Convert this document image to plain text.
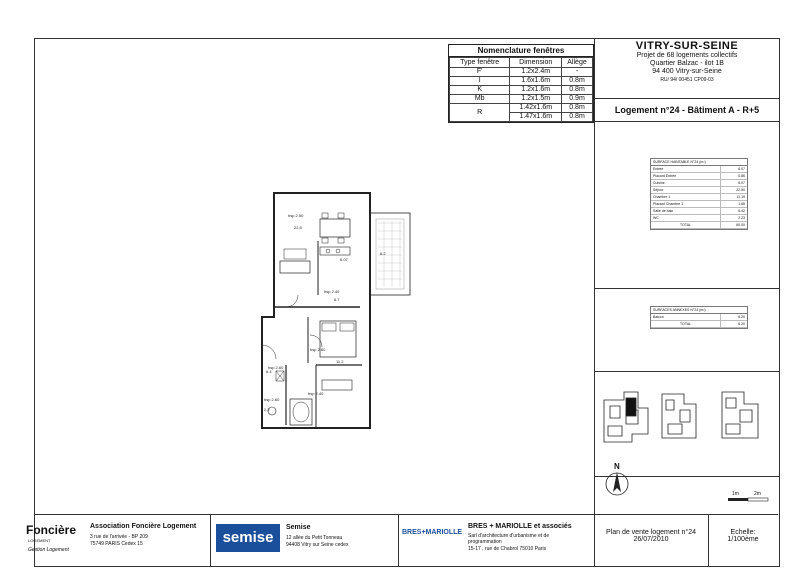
Nomenclature fenêtres
Type fenêtre	Dimension	Allège
F'	1.2x2.4m	-
I	1.6x1.6m	0.8m
K	1.2x1.6m	0.8m
Mb	1.2x1.5m	0.9m
R	1.42x1.6m	0.8m
	1.47x1.6m	0.8m
VITRY-SUR-SEINE
Projet de 68 logements collectifs
Quartier Balzac - ilot 1B
94 400 Vitry-sur-Seine
RU/ 94/ 00451 CP09-03
Logement n°24 - Bâtiment A - R+5
SURFACE HABITABLE N°24 (m²)
Entrée	6.07
Placard Entrée	0.86
Cuisine	6.07
Séjour	22.50
Chambre 1	11.19
Placard Chambre 1	1.65
Salle de bain	6.42
WC	2.23
TOTAL	60.00
SURFACES ANNEXES N°24 (m²)
Balcon	6.20
TOTAL	6.20
N
1m	2m
hsp 2.50
22.5
6.07
6.2
hsp 2.40
6.7
hsp 2.60
11.2
hsp 2.40
6.4
hsp 2.60
2.2
hsp 2.60
Foncière
LOGEMENT
Gestion Logement
Association Foncière Logement
3 rue de l'arrivée - BP 209
75749 PARIS Cedex 15	semise
Semise
12 allée du Petit Tonneau
94408 Vitry sur Seine cedex
BRES+MARIOLLE
BRES + MARIOLLE et associés
Sarl d'architecture d'urbanisme et de
programmation
15-17 , rue de Chabrol 75010 Paris
Plan de vente logement n°24
26/07/2010
Echelle:
1/100ème
